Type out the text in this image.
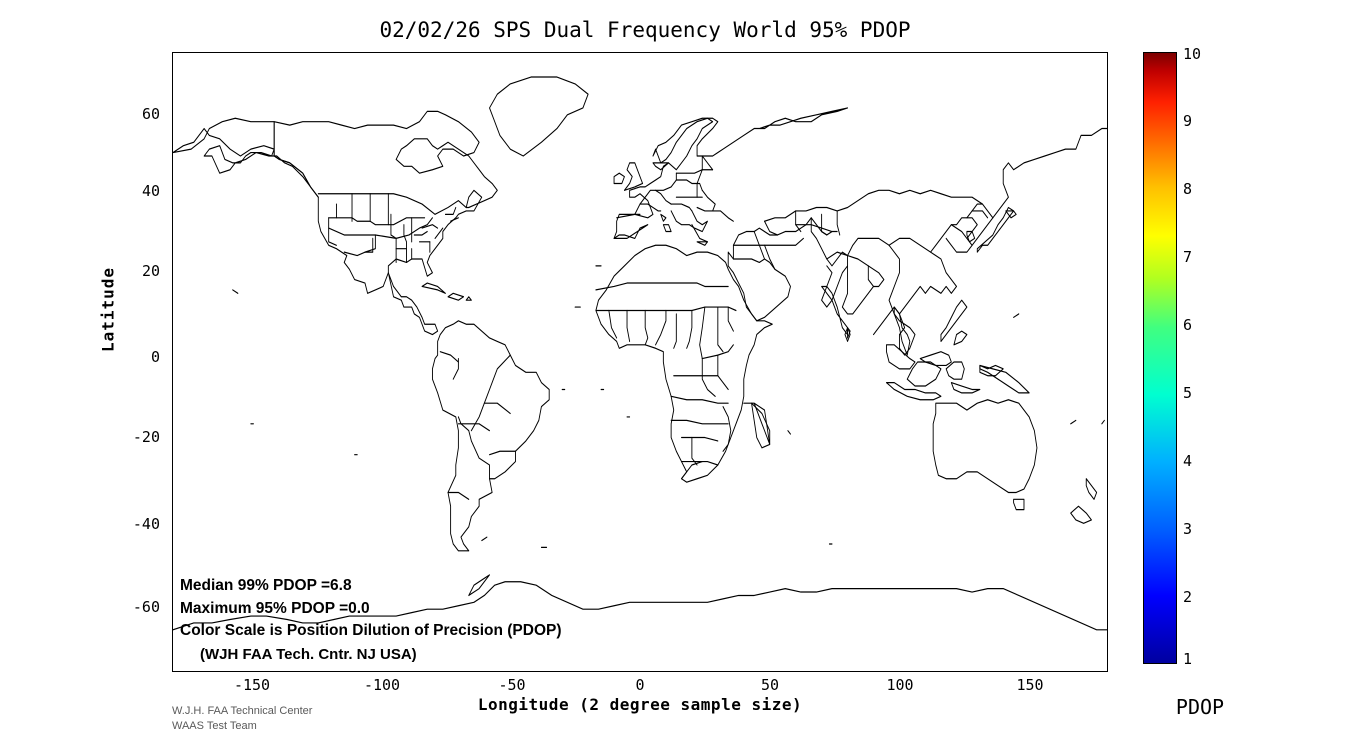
02/02/26 SPS Dual Frequency World 95% PDOP
Latitude
60
40
20
0
-20
-40
-60
-150	-100	-50	0	50	100	150
Longitude (2 degree sample size)
Median 99% PDOP =6.8
Maximum 95% PDOP =0.0
Color Scale is Position Dilution of Precision (PDOP)
(WJH FAA Tech. Cntr. NJ USA)
W.J.H. FAA Technical Center
WAAS Test Team
10
9
8
7
6
5
4
3
2
1
PDOP
